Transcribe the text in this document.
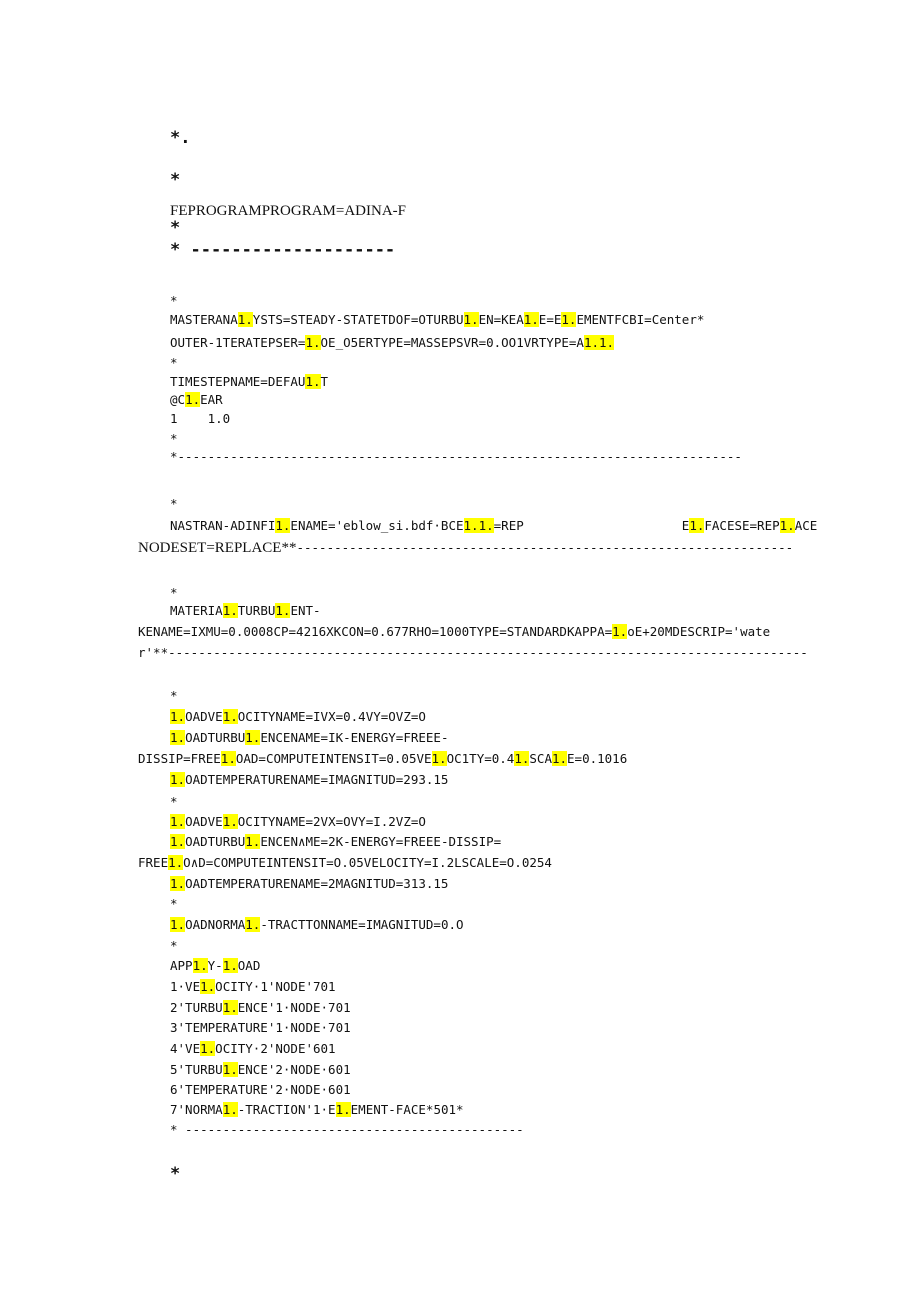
*.
*
FEPROGRAMPROGRAM=ADINA-F
*
* --------------------
*
MASTERANA1.YSTS=STEADY-STATETDOF=OTURBU1.EN=KEA1.E=E1.EMENTFCBI=Center*
OUTER-1TERATEPSER=1.OE_O5ERTYPE=MASSEPSVR=0.OO1VRTYPE=A1.1.
*
TIMESTEPNAME=DEFAU1.T
@C1.EAR
1    1.0
*
*---------------------------------------------------------------------------
*
NASTRAN-ADINFI1.ENAME='eblow_si.bdf·BCE1.1.=REP                     E1.FACESE=REP1.ACE
NODESET=REPLACE**------------------------------------------------------------------
*
MATERIA1.TURBU1.ENT-
KENAME=IXMU=0.0008CP=4216XKCON=0.677RHO=1000TYPE=STANDARDKAPPA=1.oE+20MDESCRIP='wate
r'**-------------------------------------------------------------------------------------
*
1.OADVE1.OCITYNAME=IVX=0.4VY=OVZ=O
1.OADTURBU1.ENCENAME=IK-ENERGY=FREEE-
DISSIP=FREE1.OAD=COMPUTEINTENSIT=0.05VE1.OC1TY=0.41.SCA1.E=0.1016
1.OADTEMPERATURENAME=IMAGNITUD=293.15
*
1.OADVE1.OCITYNAME=2VX=OVY=I.2VZ=O
1.OADTURBU1.ENCEN∧ME=2K-ENERGY=FREEE-DISSIP=
FREE1.O∧D=COMPUTEINTENSIT=O.05VELOCITY=I.2LSCALE=O.0254
1.OADTEMPERATURENAME=2MAGNITUD=313.15
*
1.OADNORMA1.-TRACTTONNAME=IMAGNITUD=0.O
*
APP1.Y-1.OAD
1·VE1.OCITY·1'NODE'701
2'TURBU1.ENCE'1·NODE·701
3'TEMPERATURE'1·NODE·701
4'VE1.OCITY·2'NODE'601
5'TURBU1.ENCE'2·NODE·601
6'TEMPERATURE'2·NODE·601
7'NORMA1.-TRACTION'1·E1.EMENT-FACE*501*
* ---------------------------------------------
*
